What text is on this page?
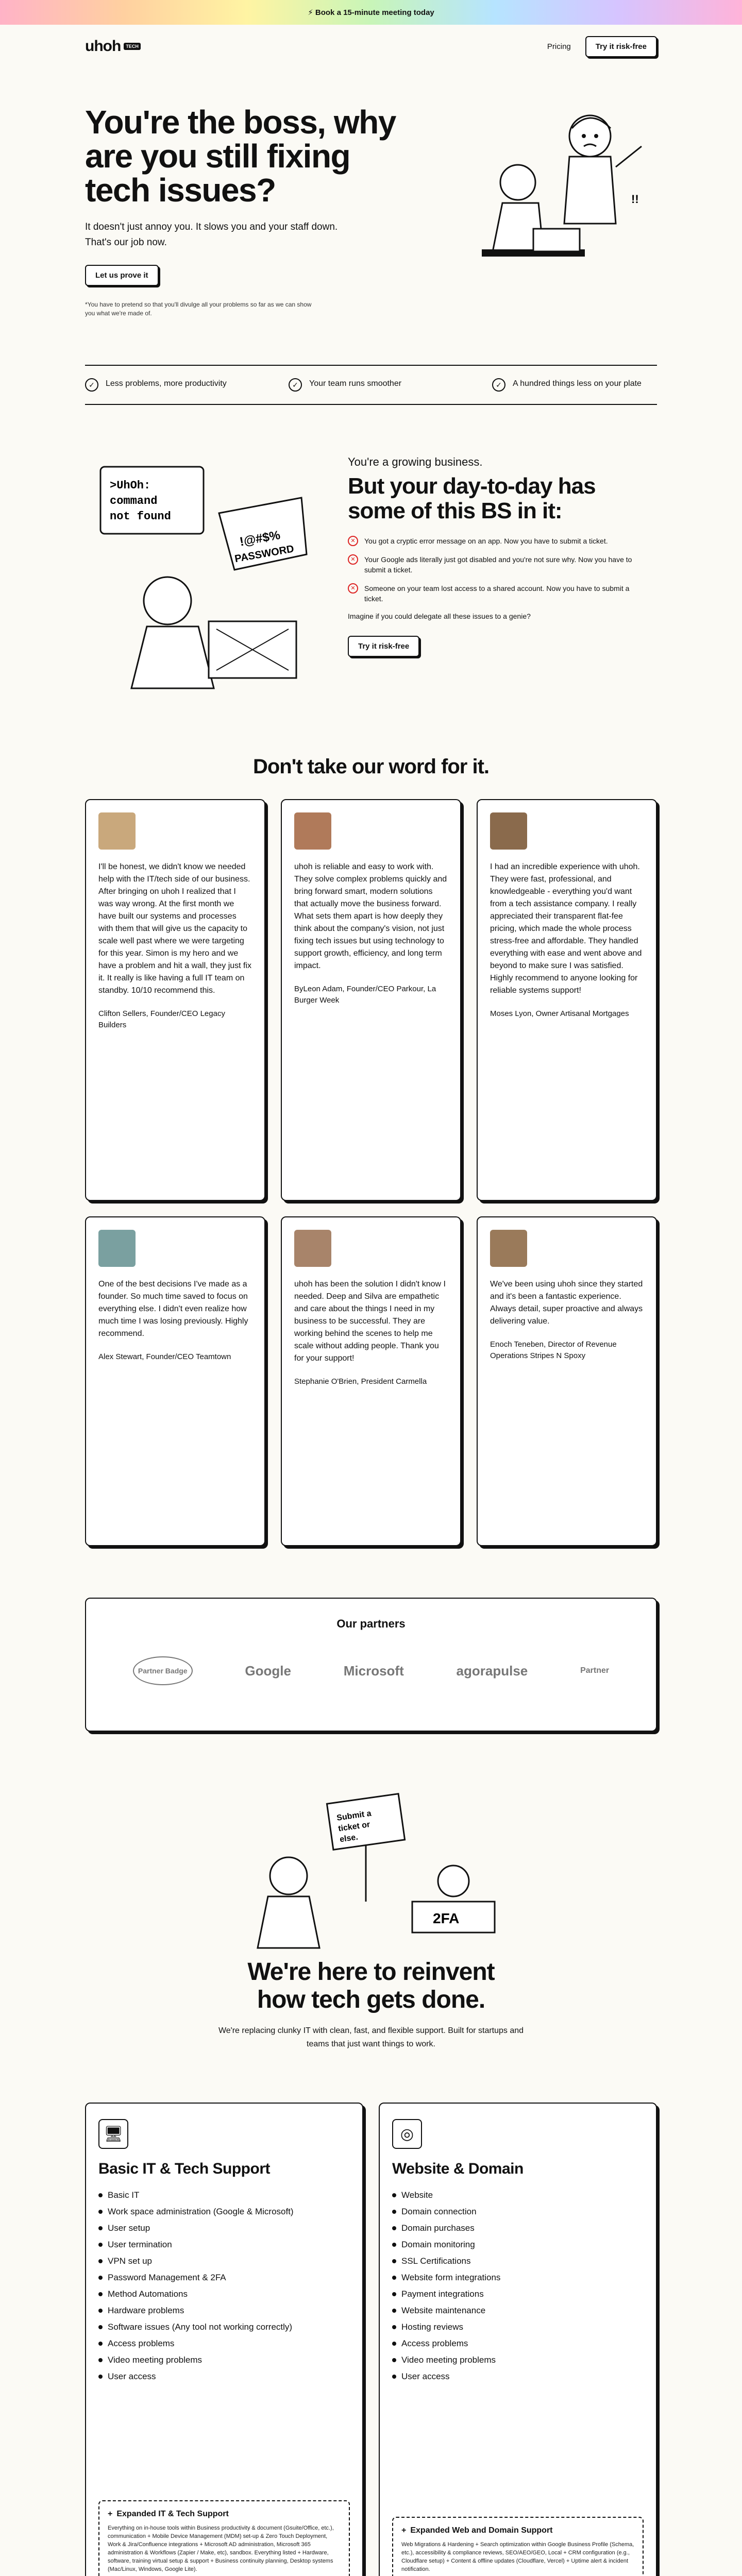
⚡ Book a 15-minute meeting today
uhoh	TECH	Pricing	Try it risk-free
You're the boss, why are you still fixing tech issues?

It doesn't just annoy you. It slows you and your staff down. That's our job now.

Let us prove it

*You have to pretend so that you'll divulge all your problems so far as we can show you what we're made of.

!!
✓	Less problems, more productivity	✓	Your team runs smoother	✓	A hundred things less on your plate
>UhOh:
command
not found
!@#$%
PASSWORD
You're a growing business.
But your day-to-day has some of this BS in it:
✕	You got a cryptic error message on an app. Now you have to submit a ticket.
✕	Your Google ads literally just got disabled and you're not sure why. Now you have to submit a ticket.
✕	Someone on your team lost access to a shared account. Now you have to submit a ticket.
Imagine if you could delegate all these issues to a genie?
Try it risk-free
Don't take our word for it.

I'll be honest, we didn't know we needed help with the IT/tech side of our business. After bringing on uhoh I realized that I was way wrong. At the first month we have built our systems and processes with them that will give us the capacity to scale well past where we were targeting for this year. Simon is my hero and we have a problem and hit a wall, they just fix it. It really is like having a full IT team on standby. 10/10 recommend this.

Clifton Sellers, Founder/CEO Legacy Builders

uhoh is reliable and easy to work with. They solve complex problems quickly and bring forward smart, modern solutions that actually move the business forward. What sets them apart is how deeply they think about the company's vision, not just fixing tech issues but using technology to support growth, efficiency, and long term impact.

ByLeon Adam, Founder/CEO Parkour, La Burger Week

I had an incredible experience with uhoh. They were fast, professional, and knowledgeable - everything you'd want from a tech assistance company. I really appreciated their transparent flat-fee pricing, which made the whole process stress-free and affordable. They handled everything with ease and went above and beyond to make sure I was satisfied. Highly recommend to anyone looking for reliable systems support!

Moses Lyon, Owner Artisanal Mortgages

One of the best decisions I've made as a founder. So much time saved to focus on everything else. I didn't even realize how much time I was losing previously. Highly recommend.

Alex Stewart, Founder/CEO Teamtown

uhoh has been the solution I didn't know I needed. Deep and Silva are empathetic and care about the things I need in my business to be successful. They are working behind the scenes to help me scale without adding people. Thank you for your support!

Stephanie O'Brien, President Carmella

We've been using uhoh since they started and it's been a fantastic experience. Always detail, super proactive and always delivering value.

Enoch Teneben, Director of Revenue Operations Stripes N Spoxy

Our partners
Partner Badge	Google	Microsoft	agorapulse	Partner
Submit a
ticket or
else.
2FA
We're here to reinvent how tech gets done.

We're replacing clunky IT with clean, fast, and flexible support. Built for startups and teams that just want things to work.

🖥
Basic IT & Tech Support
Basic IT
Work space administration (Google & Microsoft)
User setup
User termination
VPN set up
Password Management & 2FA
Method Automations
Hardware problems
Software issues (Any tool not working correctly)
Access problems
Video meeting problems
User access
+ Expanded IT & Tech Support

Everything on in-house tools within Business productivity & document (Gsuite/Office, etc.), communication + Mobile Device Management (MDM) set-up & Zero Touch Deployment, Work & Jira/Confluence integrations + Microsoft AD administration, Microsoft 365 administration & Workflows (Zapier / Make, etc), sandbox. Everything listed + Hardware, software, training virtual setup & support + Business continuity planning, Desktop systems (Mac/Linux, Windows, Google Lite).

◎
Website & Domain
Website
Domain connection
Domain purchases
Domain monitoring
SSL Certifications
Website form integrations
Payment integrations
Website maintenance
Hosting reviews
Access problems
Video meeting problems
User access
+ Expanded Web and Domain Support

Web Migrations & Hardening + Search optimization within Google Business Profile (Schema, etc.), accessibility & compliance reviews, SEO/AEO/GEO, Local + CRM configuration (e.g., Cloudflare setup) + Content & offline updates (Cloudflare, Vercel) + Uptime alert & incident notification.
